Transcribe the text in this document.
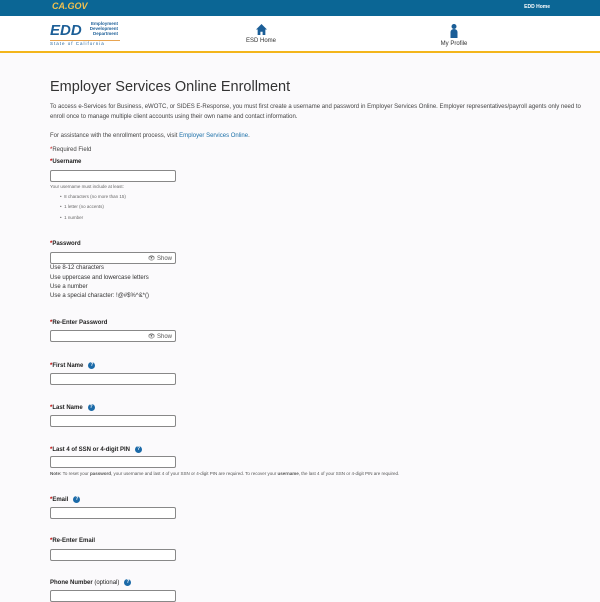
CA.GOV	EDD Home
EDD	Employment
Development
Department
State of California	ESD Home	My Profile
Employer Services Online Enrollment
To access e-Services for Business, eWOTC, or SIDES E-Response, you must first create a username and password in Employer Services Online. Employer representatives/payroll agents only need to enroll once to manage multiple client accounts using their own name and contact information.
For assistance with the enrollment process, visit Employer Services Online.
*Required Field
*Username
Your username must include at least:
•  8 characters (no more than 15)
•  1 letter (no accents)
•  1 number
*Password
👁 Show
Use 8-12 characters
Use uppercase and lowercase letters
Use a number
Use a special character: !@#$%^&*()
*Re-Enter Password
👁 Show
*First Name ?
*Last Name ?
*Last 4 of SSN or 4-digit PIN ?
Note: To reset your password, your username and last 4 of your SSN or 4-digit PIN are required. To recover your username, the last 4 of your SSN or 4-digit PIN are required.
*Email ?
*Re-Enter Email
Phone Number (optional) ?
